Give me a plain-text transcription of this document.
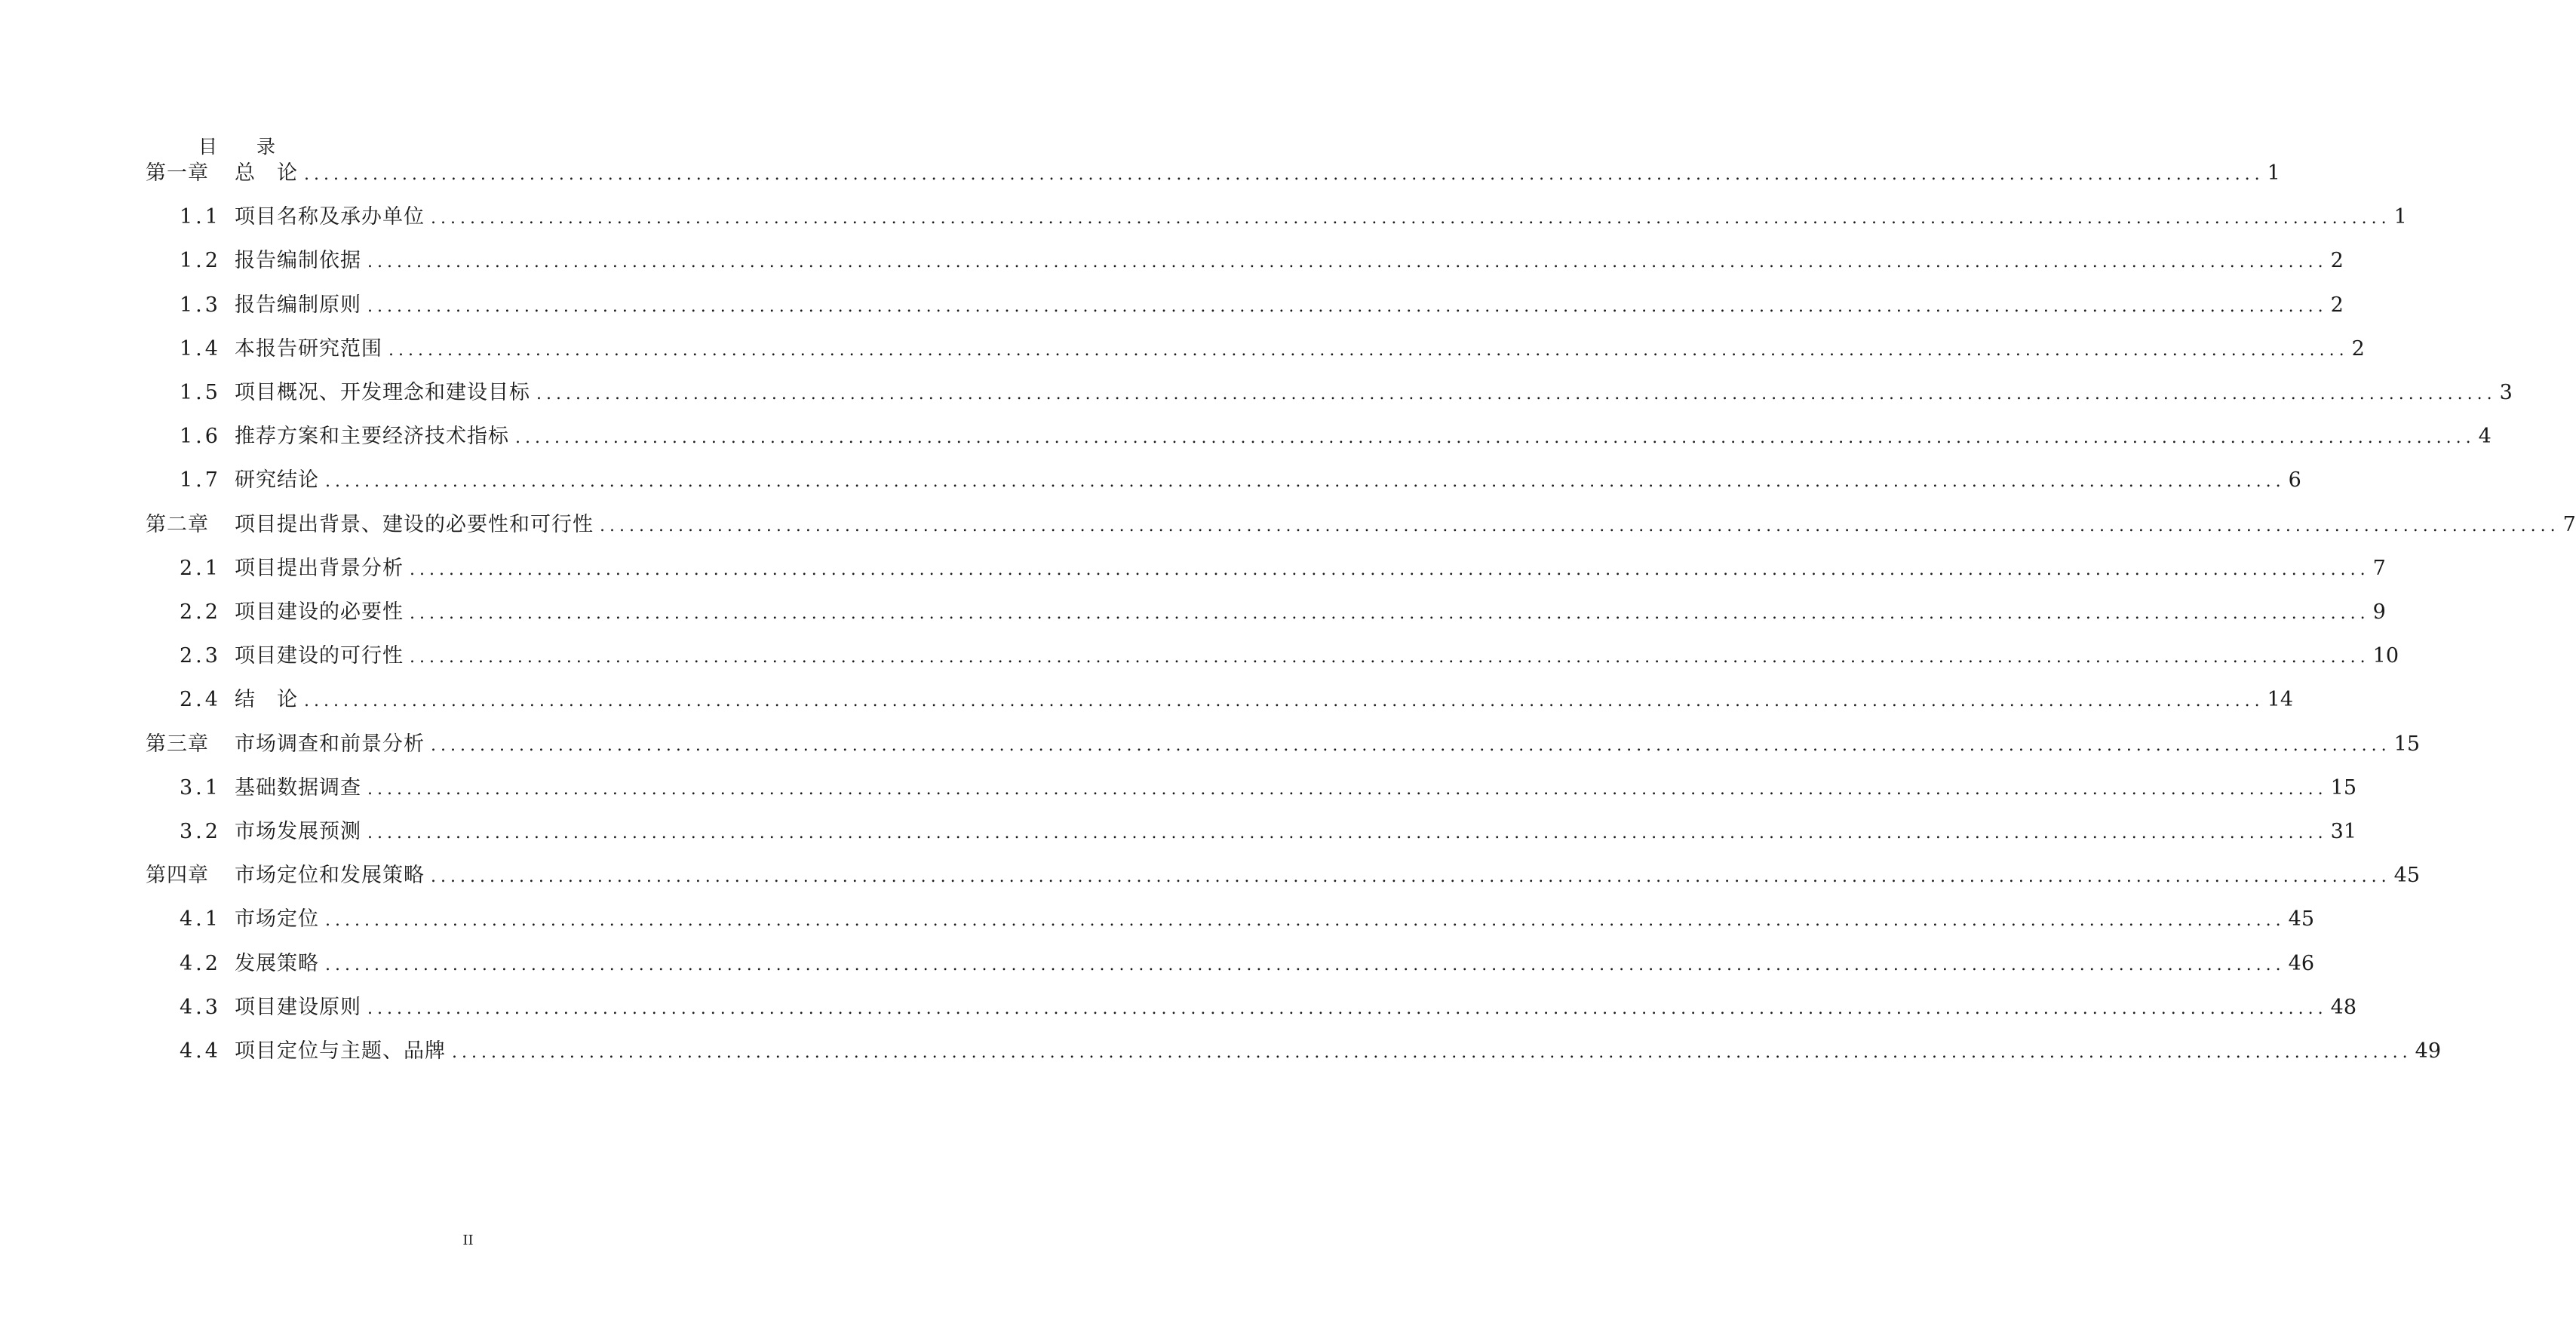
目 录
第一章 总　论 ........................................................................................................................................................................................................ 1
1.1 项目名称及承办单位 ........................................................................................................................................................................................................ 1
1.2 报告编制依据 ........................................................................................................................................................................................................ 2
1.3 报告编制原则 ........................................................................................................................................................................................................ 2
1.4 本报告研究范围 ........................................................................................................................................................................................................ 2
1.5 项目概况、开发理念和建设目标 ........................................................................................................................................................................................................ 3
1.6 推荐方案和主要经济技术指标 ........................................................................................................................................................................................................ 4
1.7 研究结论 ........................................................................................................................................................................................................ 6
第二章 项目提出背景、建设的必要性和可行性 ........................................................................................................................................................................................................ 7
2.1 项目提出背景分析 ........................................................................................................................................................................................................ 7
2.2 项目建设的必要性 ........................................................................................................................................................................................................ 9
2.3 项目建设的可行性 ........................................................................................................................................................................................................ 10
2.4 结　论 ........................................................................................................................................................................................................ 14
第三章 市场调查和前景分析 ........................................................................................................................................................................................................ 15
3.1 基础数据调查 ........................................................................................................................................................................................................ 15
3.2 市场发展预测 ........................................................................................................................................................................................................ 31
第四章 市场定位和发展策略 ........................................................................................................................................................................................................ 45
4.1 市场定位 ........................................................................................................................................................................................................ 45
4.2 发展策略 ........................................................................................................................................................................................................ 46
4.3 项目建设原则 ........................................................................................................................................................................................................ 48
4.4 项目定位与主题、品牌 ........................................................................................................................................................................................................ 49
II
